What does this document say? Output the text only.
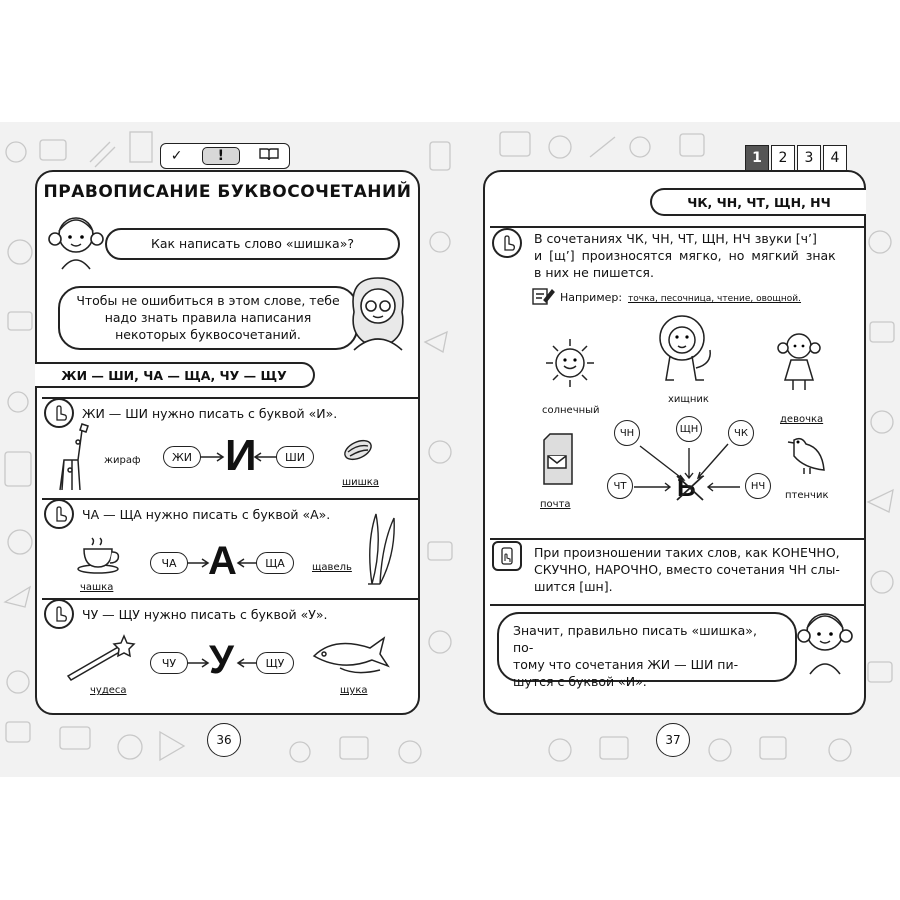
✓	!
ПРАВОПИСАНИЕ БУКВОСОЧЕТАНИЙ
Как написать слово «шишка»?
Чтобы не ошибиться в этом слове, тебе надо знать правила написания некоторых буквосочетаний.
ЖИ — ШИ, ЧА — ЩА, ЧУ — ЩУ
ЖИ — ШИ нужно писать с буквой «И».
жираф	ЖИ И	ШИ
шишка
ЧА — ЩА нужно писать с буквой «А».
чашка
ЧА А	ЩА	щавель
ЧУ — ЩУ нужно писать с буквой «У».
чудеса
ЧУ У	ЩУ
щука
36
1	2	3	4
ЧК, ЧН, ЧТ, ЩН, НЧ
В сочетаниях ЧК, ЧН, ЧТ, ЩН, НЧ звуки [ч’]
и [щ’] произносятся мягко, но мягкий знак
в них не пишется.
Например: точка, песочница, чтение, овощной.
солнечный
хищник
девочка
почта
птенчик
ЧН	ЩН	ЧК
ЧТ	НЧ
Ь
При произношении таких слов, как КОНЕЧНО,
СКУЧНО, НАРОЧНО, вместо сочетания ЧН слы-
шится [шн].
Значит, правильно писать «шишка», по-
тому что сочетания ЖИ — ШИ пи-
шутся с буквой «И».
37
